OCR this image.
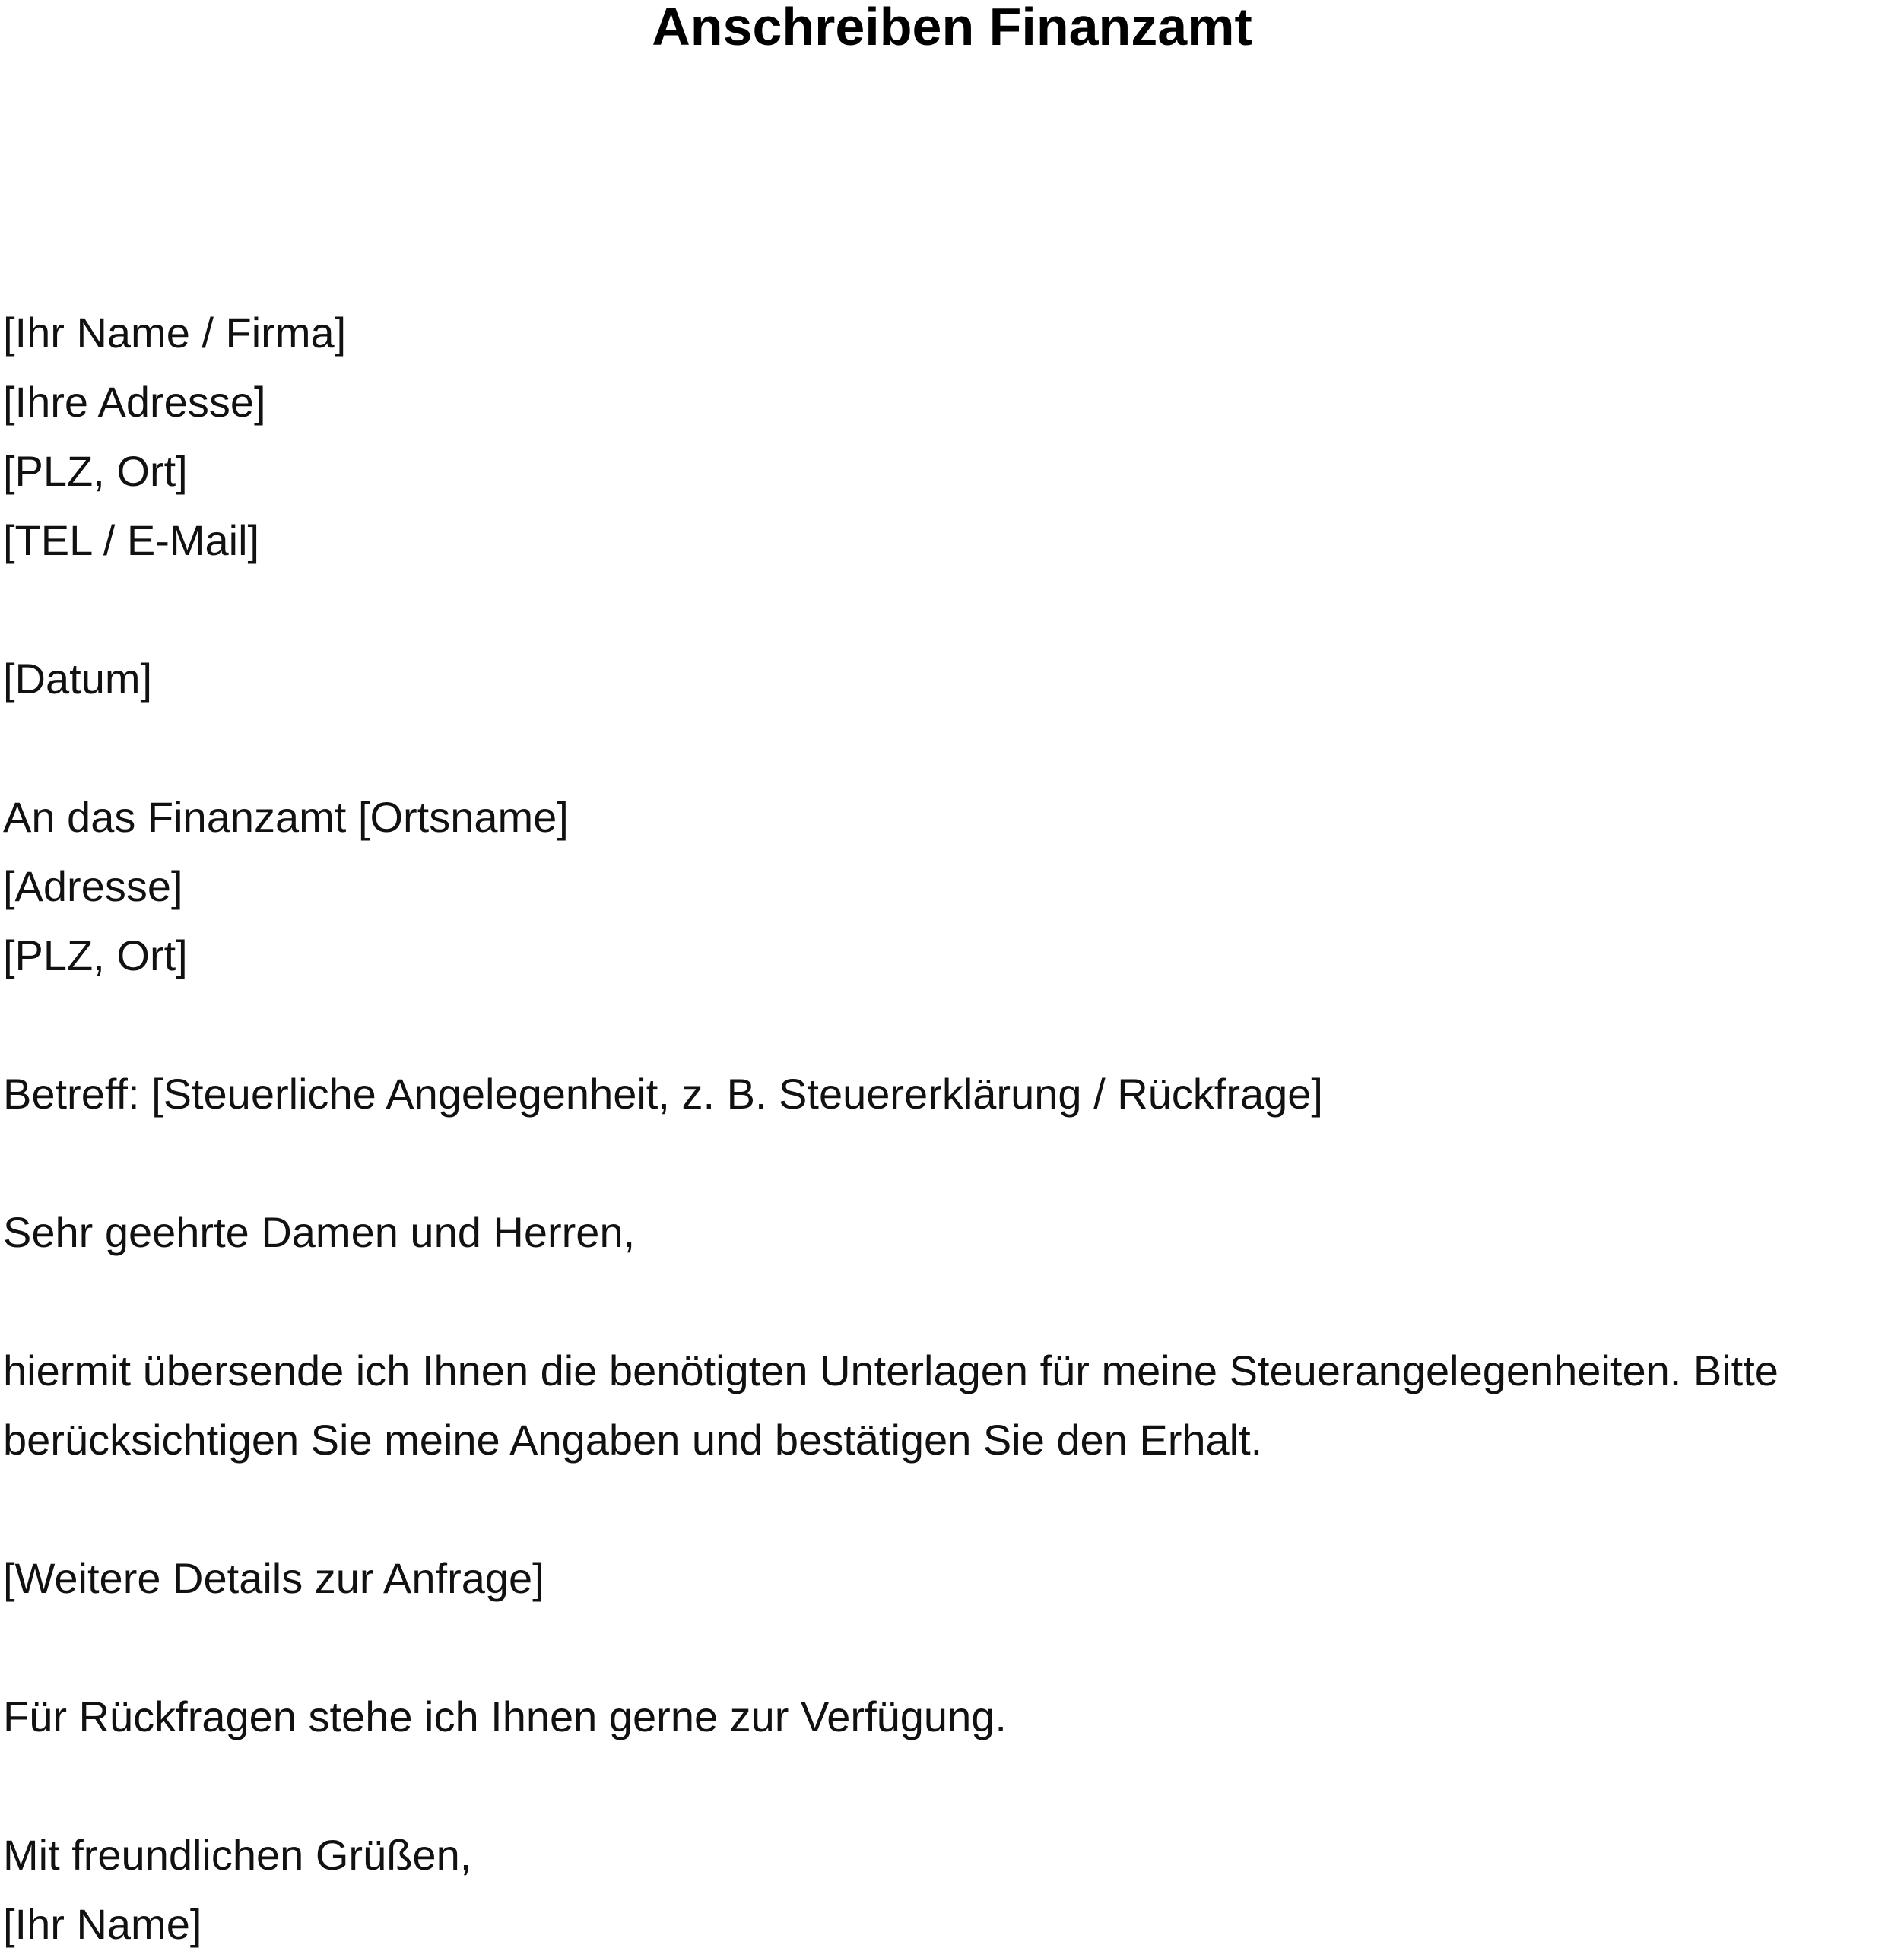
Anschreiben Finanzamt
[Ihr Name / Firma]
[Ihre Adresse]
[PLZ, Ort]
[TEL / E-Mail]
[Datum]
An das Finanzamt [Ortsname]
[Adresse]
[PLZ, Ort]
Betreff: [Steuerliche Angelegenheit, z. B. Steuererklärung / Rückfrage]
Sehr geehrte Damen und Herren,
hiermit übersende ich Ihnen die benötigten Unterlagen für meine Steuerangelegenheiten. Bitte
berücksichtigen Sie meine Angaben und bestätigen Sie den Erhalt.
[Weitere Details zur Anfrage]
Für Rückfragen stehe ich Ihnen gerne zur Verfügung.
Mit freundlichen Grüßen,
[Ihr Name]
